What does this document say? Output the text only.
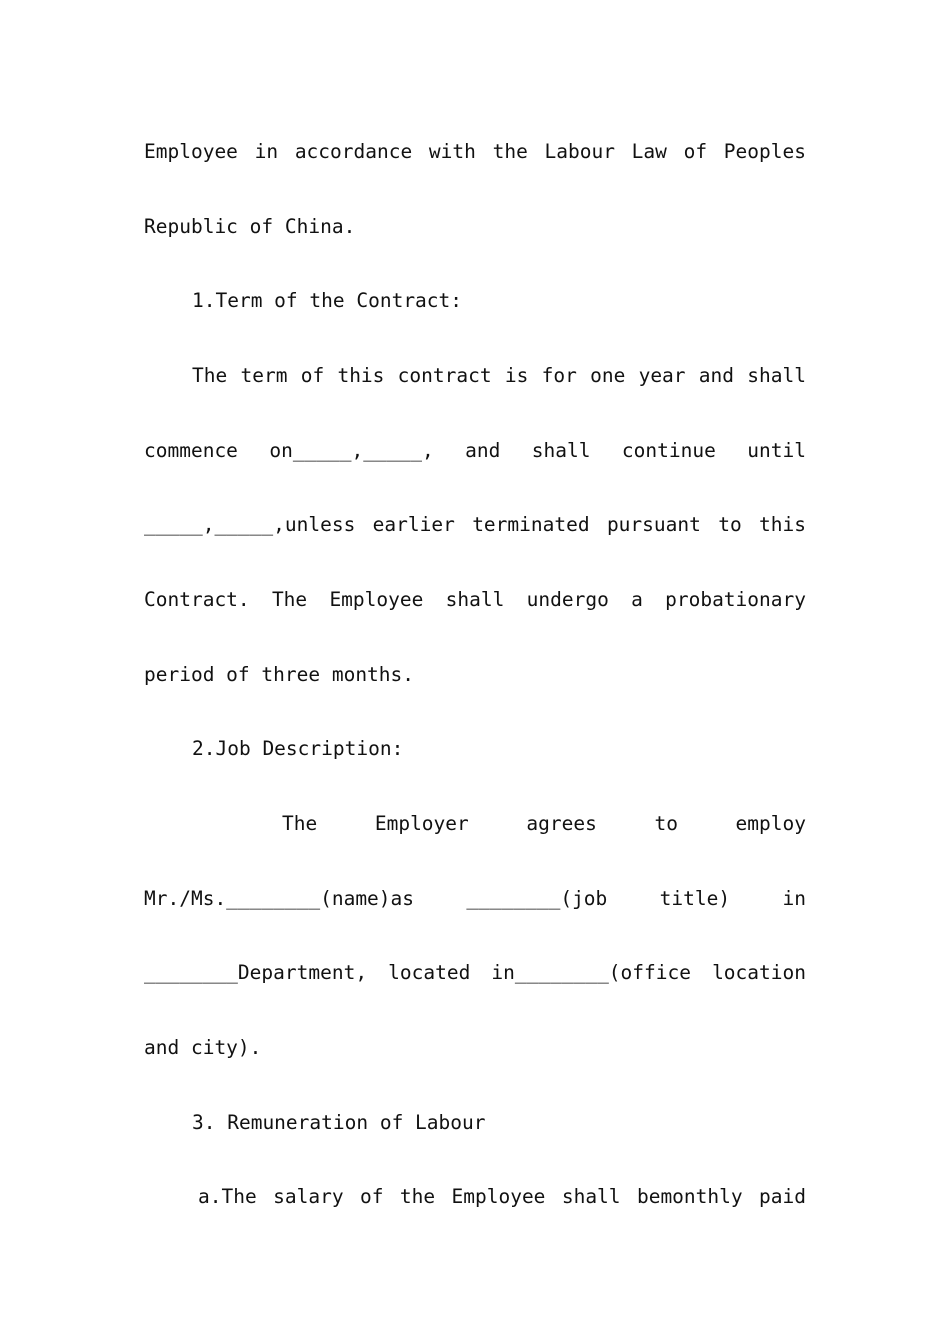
Employee in accordance with the Labour Law of Peoples
Republic of China.
1.Term of the Contract:
The term of this contract is for one year and shall
commence on_____,_____, and shall continue until
_____,_____,unless earlier terminated pursuant to this
Contract. The Employee shall undergo a probationary
period of three months.
2.Job Description:
The Employer agrees to employ
Mr./Ms.________(name)as ________(job title) in
________Department, located in________(office location
and city).
3. Remuneration of Labour
a.The salary of the Employee shall bemonthly paid
